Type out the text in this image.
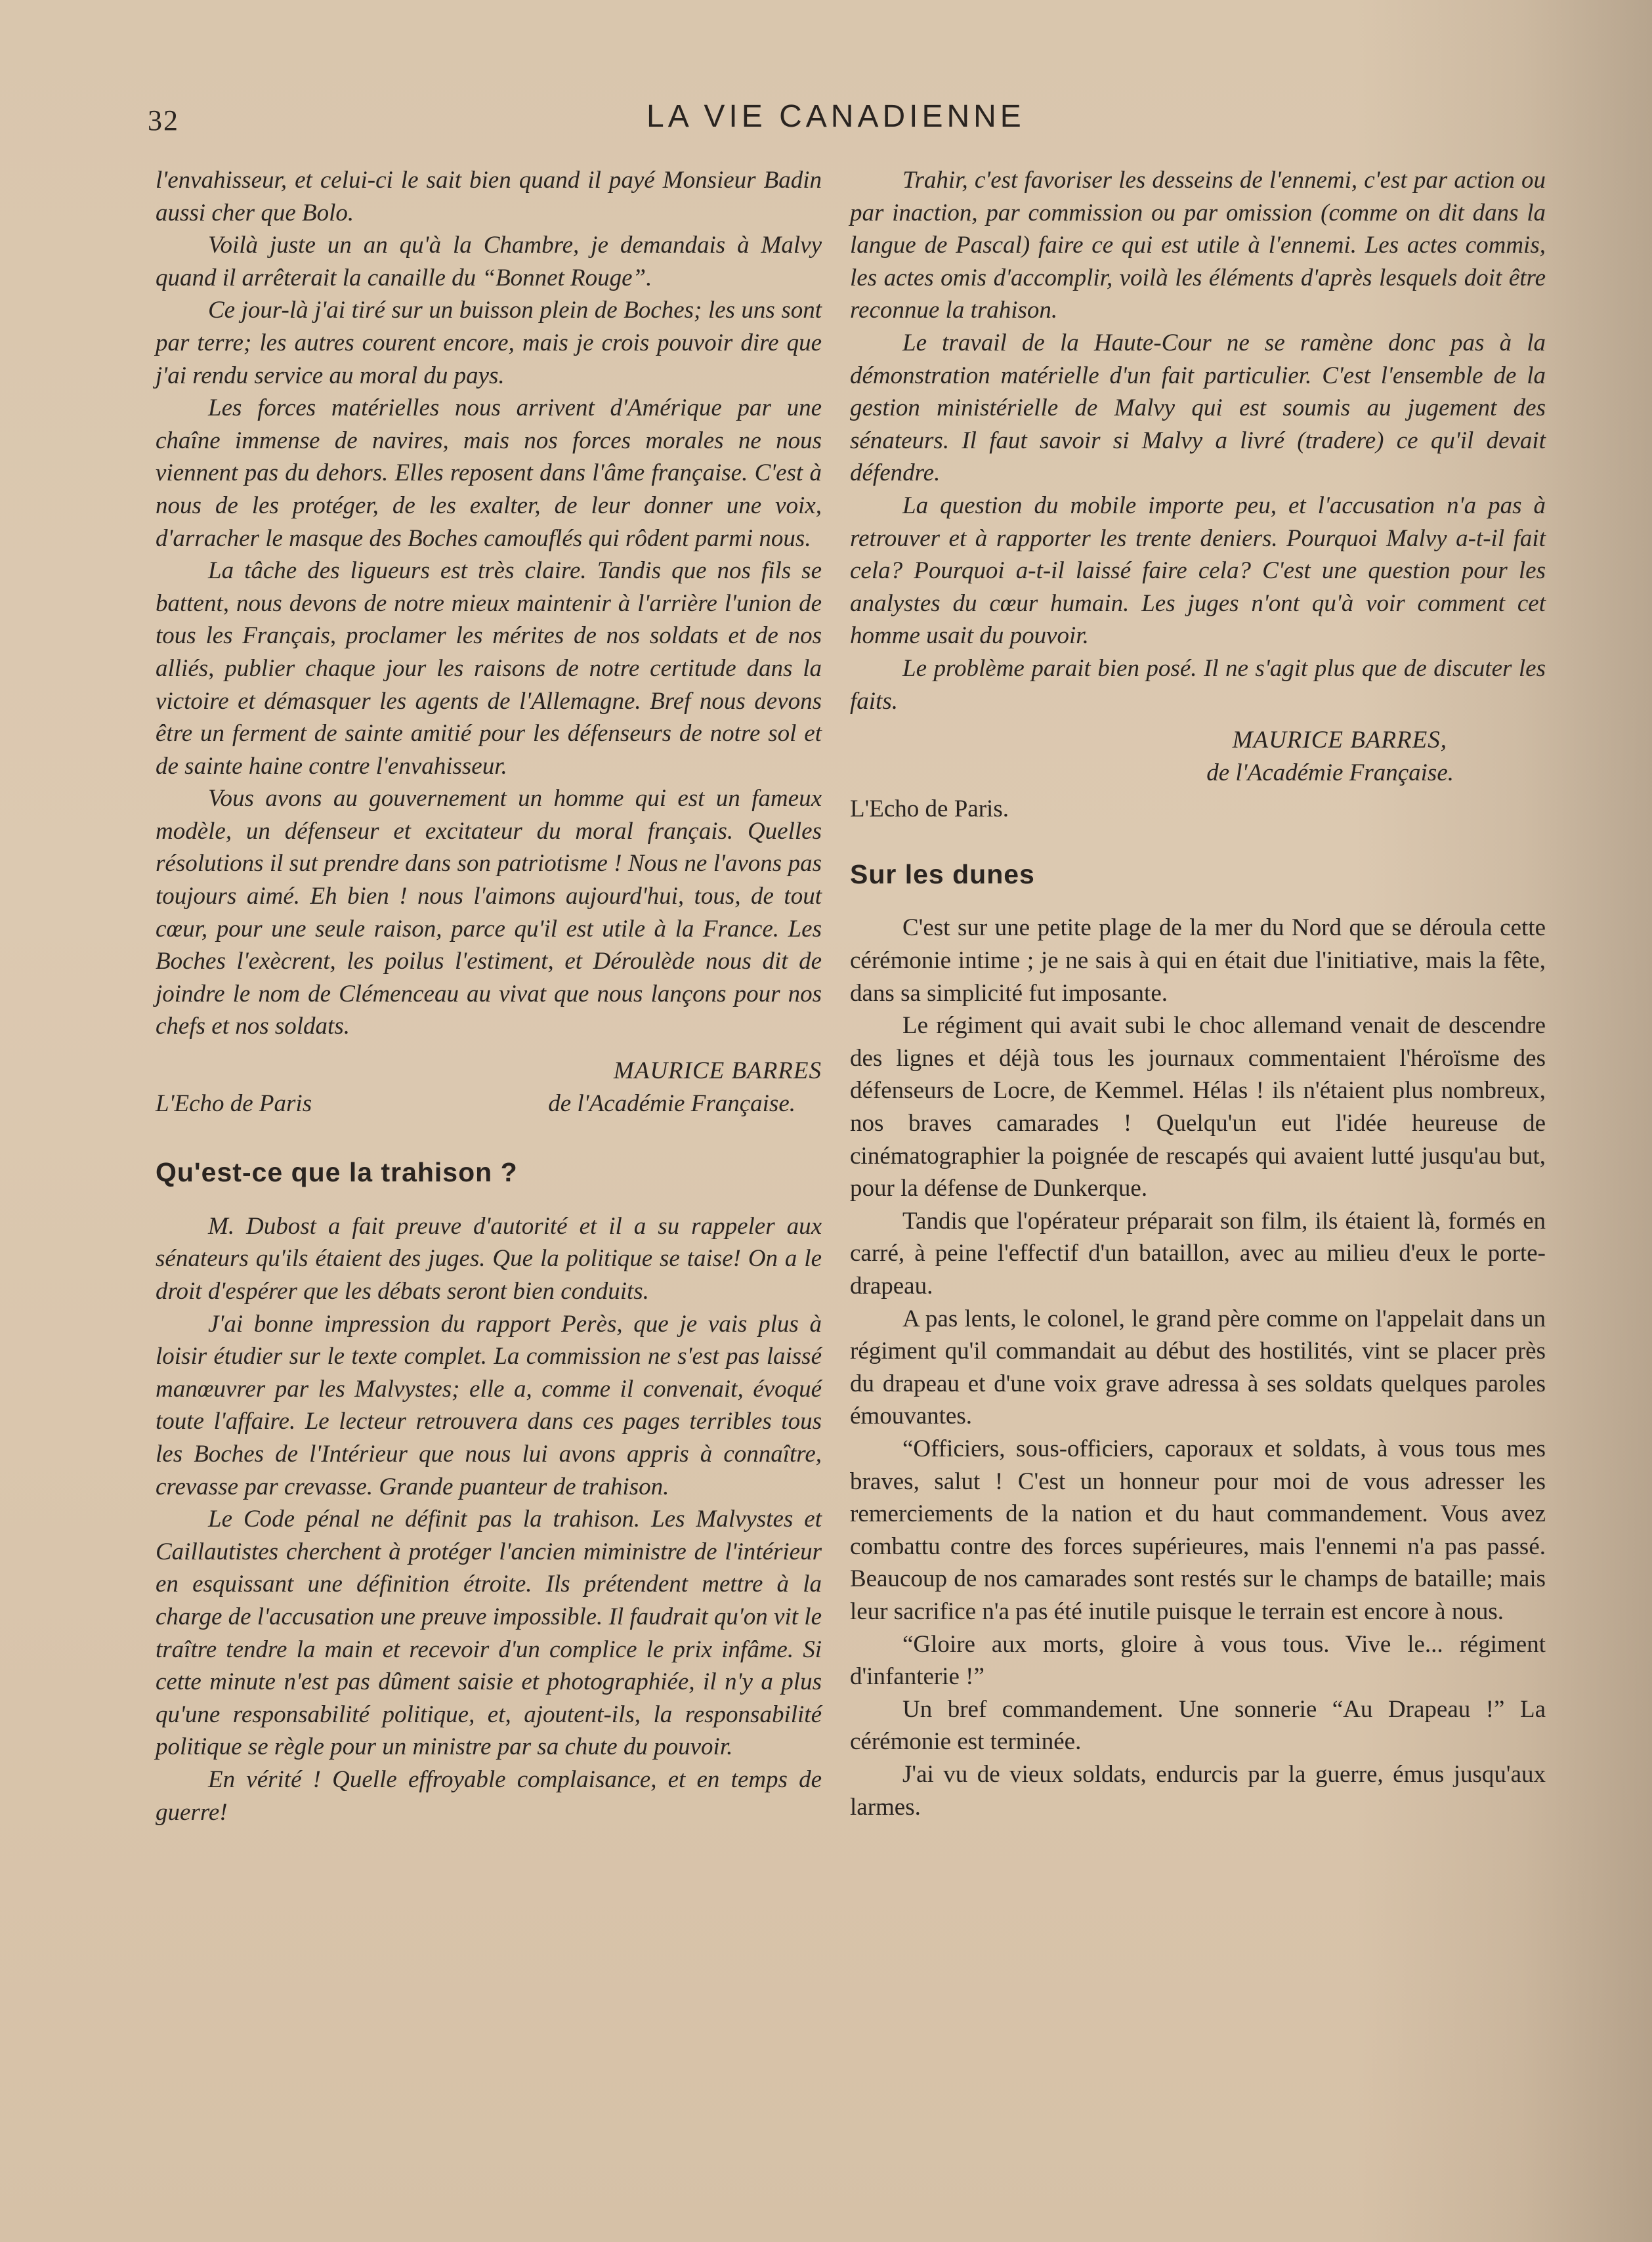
32	LA VIE CANADIENNE

l'envahisseur, et celui-ci le sait bien quand il payé Monsieur Badin aussi cher que Bolo.

Voilà juste un an qu'à la Chambre, je demandais à Malvy quand il arrêterait la canaille du “Bonnet Rouge”.

Ce jour-là j'ai tiré sur un buisson plein de Boches; les uns sont par terre; les autres courent encore, mais je crois pouvoir dire que j'ai rendu service au moral du pays.

Les forces matérielles nous arrivent d'Amérique par une chaîne immense de navires, mais nos forces morales ne nous viennent pas du dehors. Elles reposent dans l'âme française. C'est à nous de les protéger, de les exalter, de leur donner une voix, d'arracher le masque des Boches camouflés qui rôdent parmi nous.

La tâche des ligueurs est très claire. Tandis que nos fils se battent, nous devons de notre mieux maintenir à l'arrière l'union de tous les Français, proclamer les mérites de nos soldats et de nos alliés, publier chaque jour les raisons de notre certitude dans la victoire et démasquer les agents de l'Allemagne. Bref nous devons être un ferment de sainte amitié pour les défenseurs de notre sol et de sainte haine contre l'envahisseur.

Vous avons au gouvernement un homme qui est un fameux modèle, un défenseur et excitateur du moral français. Quelles résolutions il sut prendre dans son patriotisme ! Nous ne l'avons pas toujours aimé. Eh bien ! nous l'aimons aujourd'hui, tous, de tout cœur, pour une seule raison, parce qu'il est utile à la France. Les Boches l'exècrent, les poilus l'estiment, et Déroulède nous dit de joindre le nom de Clémenceau au vivat que nous lançons pour nos chefs et nos soldats.

MAURICE BARRES
L'Echo de Paris	de l'Académie Française.
Qu'est-ce que la trahison ?

M. Dubost a fait preuve d'autorité et il a su rappeler aux sénateurs qu'ils étaient des juges. Que la politique se taise! On a le droit d'espérer que les débats seront bien conduits.

J'ai bonne impression du rapport Perès, que je vais plus à loisir étudier sur le texte complet. La commission ne s'est pas laissé manœuvrer par les Malvystes; elle a, comme il convenait, évoqué toute l'affaire. Le lecteur retrouvera dans ces pages terribles tous les Boches de l'Intérieur que nous lui avons appris à connaître, crevasse par crevasse. Grande puanteur de trahison.

Le Code pénal ne définit pas la trahison. Les Malvystes et Caillautistes cherchent à protéger l'ancien miministre de l'intérieur en esquissant une définition étroite. Ils prétendent mettre à la charge de l'accusation une preuve impossible. Il faudrait qu'on vit le traître tendre la main et recevoir d'un complice le prix infâme. Si cette minute n'est pas dûment saisie et photographiée, il n'y a plus qu'une responsabilité politique, et, ajoutent-ils, la responsabilité politique se règle pour un ministre par sa chute du pouvoir.

En vérité ! Quelle effroyable complaisance, et en temps de guerre!

Trahir, c'est favoriser les desseins de l'ennemi, c'est par action ou par inaction, par commission ou par omission (comme on dit dans la langue de Pascal) faire ce qui est utile à l'ennemi. Les actes commis, les actes omis d'accomplir, voilà les éléments d'après lesquels doit être reconnue la trahison.

Le travail de la Haute-Cour ne se ramène donc pas à la démonstration matérielle d'un fait particulier. C'est l'ensemble de la gestion ministérielle de Malvy qui est soumis au jugement des sénateurs. Il faut savoir si Malvy a livré (tradere) ce qu'il devait défendre.

La question du mobile importe peu, et l'accusation n'a pas à retrouver et à rapporter les trente deniers. Pourquoi Malvy a-t-il fait cela? Pourquoi a-t-il laissé faire cela? C'est une question pour les analystes du cœur humain. Les juges n'ont qu'à voir comment cet homme usait du pouvoir.

Le problème parait bien posé. Il ne s'agit plus que de discuter les faits.

MAURICE BARRES,
de l'Académie Française.
L'Echo de Paris.
Sur les dunes

C'est sur une petite plage de la mer du Nord que se déroula cette cérémonie intime ; je ne sais à qui en était due l'initiative, mais la fête, dans sa simplicité fut imposante.

Le régiment qui avait subi le choc allemand venait de descendre des lignes et déjà tous les journaux commentaient l'héroïsme des défenseurs de Locre, de Kemmel. Hélas ! ils n'étaient plus nombreux, nos braves camarades ! Quelqu'un eut l'idée heureuse de cinématographier la poignée de rescapés qui avaient lutté jusqu'au but, pour la défense de Dunkerque.

Tandis que l'opérateur préparait son film, ils étaient là, formés en carré, à peine l'effectif d'un bataillon, avec au milieu d'eux le porte-drapeau.

A pas lents, le colonel, le grand père comme on l'appelait dans un régiment qu'il commandait au début des hostilités, vint se placer près du drapeau et d'une voix grave adressa à ses soldats quelques paroles émouvantes.

“Officiers, sous-officiers, caporaux et soldats, à vous tous mes braves, salut ! C'est un honneur pour moi de vous adresser les remerciements de la nation et du haut commandement. Vous avez combattu contre des forces supérieures, mais l'ennemi n'a pas passé. Beaucoup de nos camarades sont restés sur le champs de bataille; mais leur sacrifice n'a pas été inutile puisque le terrain est encore à nous.

“Gloire aux morts, gloire à vous tous. Vive le... régiment d'infanterie !”

Un bref commandement. Une sonnerie “Au Drapeau !” La cérémonie est terminée.

J'ai vu de vieux soldats, endurcis par la guerre, émus jusqu'aux larmes.
